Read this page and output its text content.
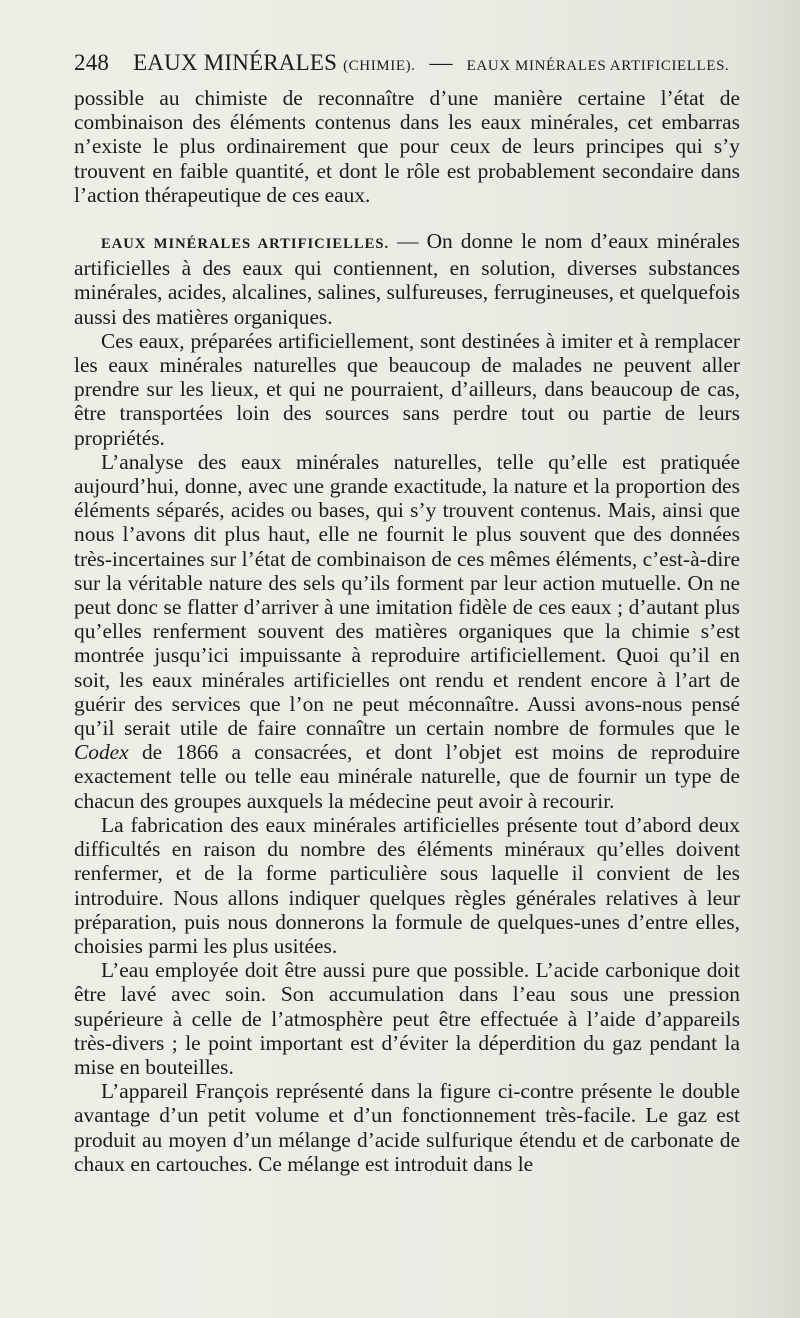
248 EAUX MINÉRALES (CHIMIE). — EAUX MINÉRALES ARTIFICIELLES.

possible au chimiste de reconnaître d’une manière certaine l’état de combinaison des éléments contenus dans les eaux minérales, cet embarras n’existe le plus ordinairement que pour ceux de leurs principes qui s’y trouvent en faible quantité, et dont le rôle est probablement secondaire dans l’action thérapeutique de ces eaux.

EAUX MINÉRALES ARTIFICIELLES. — On donne le nom d’eaux minérales artificielles à des eaux qui contiennent, en solution, diverses substances minérales, acides, alcalines, salines, sulfureuses, ferrugineuses, et quelquefois aussi des matières organiques.

Ces eaux, préparées artificiellement, sont destinées à imiter et à remplacer les eaux minérales naturelles que beaucoup de malades ne peuvent aller prendre sur les lieux, et qui ne pourraient, d’ailleurs, dans beaucoup de cas, être transportées loin des sources sans perdre tout ou partie de leurs propriétés.

L’analyse des eaux minérales naturelles, telle qu’elle est pratiquée aujourd’hui, donne, avec une grande exactitude, la nature et la proportion des éléments séparés, acides ou bases, qui s’y trouvent contenus. Mais, ainsi que nous l’avons dit plus haut, elle ne fournit le plus souvent que des données très-incertaines sur l’état de combinaison de ces mêmes éléments, c’est-à-dire sur la véritable nature des sels qu’ils forment par leur action mutuelle. On ne peut donc se flatter d’arriver à une imitation fidèle de ces eaux ; d’autant plus qu’elles renferment souvent des matières organiques que la chimie s’est montrée jusqu’ici impuissante à reproduire artificiellement. Quoi qu’il en soit, les eaux minérales artificielles ont rendu et rendent encore à l’art de guérir des services que l’on ne peut méconnaître. Aussi avons-nous pensé qu’il serait utile de faire connaître un certain nombre de formules que le Codex de 1866 a consacrées, et dont l’objet est moins de reproduire exactement telle ou telle eau minérale naturelle, que de fournir un type de chacun des groupes auxquels la médecine peut avoir à recourir.

La fabrication des eaux minérales artificielles présente tout d’abord deux difficultés en raison du nombre des éléments minéraux qu’elles doivent renfermer, et de la forme particulière sous laquelle il convient de les introduire. Nous allons indiquer quelques règles générales relatives à leur préparation, puis nous donnerons la formule de quelques-unes d’entre elles, choisies parmi les plus usitées.

L’eau employée doit être aussi pure que possible. L’acide carbonique doit être lavé avec soin. Son accumulation dans l’eau sous une pression supérieure à celle de l’atmosphère peut être effectuée à l’aide d’appareils très-divers ; le point important est d’éviter la déperdition du gaz pendant la mise en bouteilles.

L’appareil François représenté dans la figure ci-contre présente le double avantage d’un petit volume et d’un fonctionnement très-facile. Le gaz est produit au moyen d’un mélange d’acide sulfurique étendu et de carbonate de chaux en cartouches. Ce mélange est introduit dans le
